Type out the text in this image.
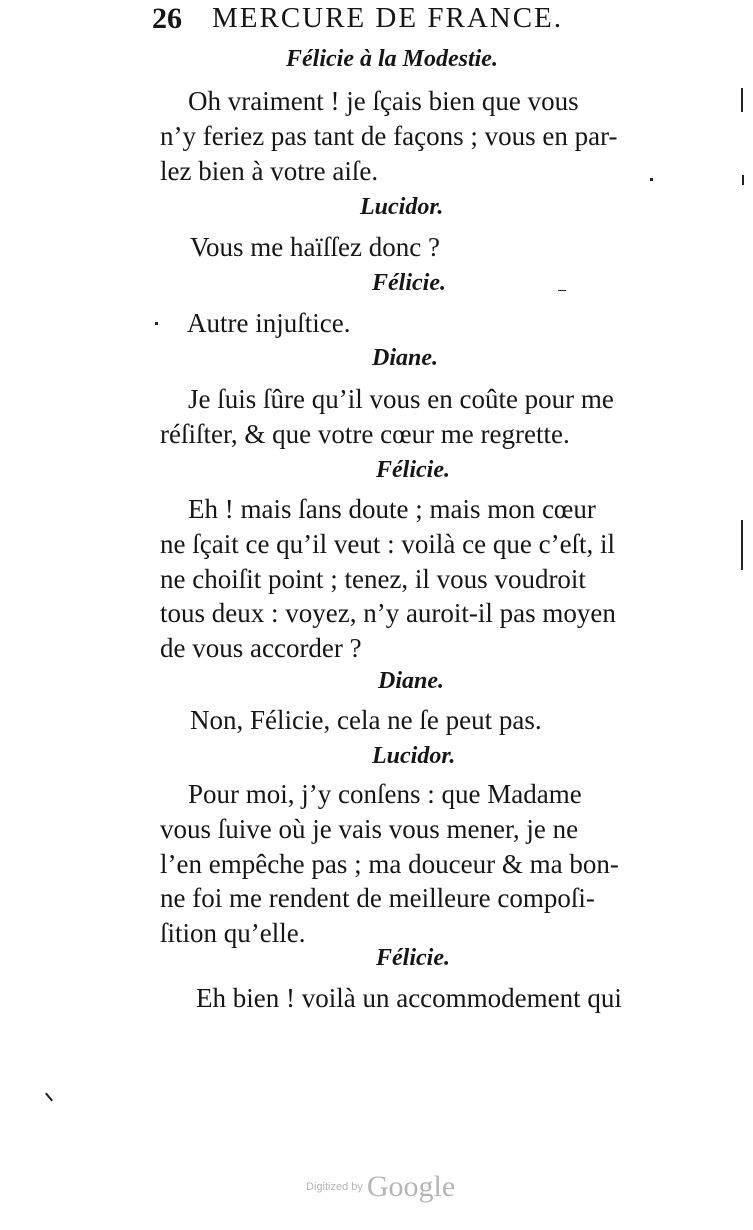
26 MERCURE DE FRANCE.
Félicie à la Modestie.
Oh vraiment ! je ſçais bien que vous
n’y feriez pas tant de façons ; vous en par-
lez bien à votre aiſe.
Lucidor.
Vous me haïſſez donc ?
Félicie.
Autre injuſtice.
Diane.
Je ſuis ſûre qu’il vous en coûte pour me
réſiſter, & que votre cœur me regrette.
Félicie.
Eh ! mais ſans doute ; mais mon cœur
ne ſçait ce qu’il veut : voilà ce que c’eſt, il
ne choiſit point ; tenez, il vous voudroit
tous deux : voyez, n’y auroit-il pas moyen
de vous accorder ?
Diane.
Non, Félicie, cela ne ſe peut pas.
Lucidor.
Pour moi, j’y conſens : que Madame
vous ſuive où je vais vous mener, je ne
l’en empêche pas ; ma douceur & ma bon-
ne foi me rendent de meilleure compoſi-
ſition qu’elle.
Félicie.
Eh bien ! voilà un accommodement qui
Digitized by Google
